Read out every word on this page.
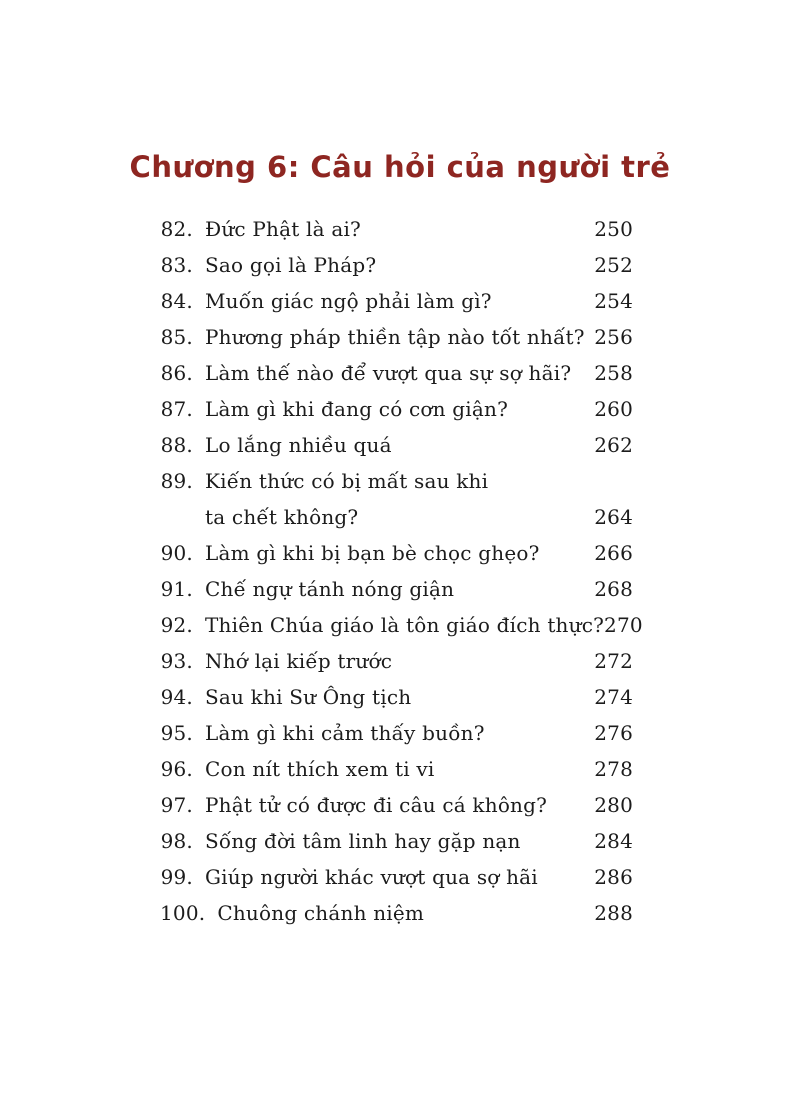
Chương 6: Câu hỏi của người trẻ
82. Đức Phật là ai?	250
83. Sao gọi là Pháp?	252
84. Muốn giác ngộ phải làm gì?	254
85. Phương pháp thiền tập nào tốt nhất? 256
86. Làm thế nào để vượt qua sự sợ hãi? 258
87. Làm gì khi đang có cơn giận?	260
88. Lo lắng nhiều quá	262
89. Kiến thức có bị mất sau khi
ta chết không?	264
90. Làm gì khi bị bạn bè chọc ghẹo?	266
91. Chế ngự tánh nóng giận	268
92. Thiên Chúa giáo là tôn giáo đích thực? 270
93. Nhớ lại kiếp trước	272
94. Sau khi Sư Ông tịch	274
95. Làm gì khi cảm thấy buồn?	276
96. Con nít thích xem ti vi	278
97. Phật tử có được đi câu cá không? 280
98. Sống đời tâm linh hay gặp nạn	284
99. Giúp người khác vượt qua sợ hãi	286
100. Chuông chánh niệm	288
